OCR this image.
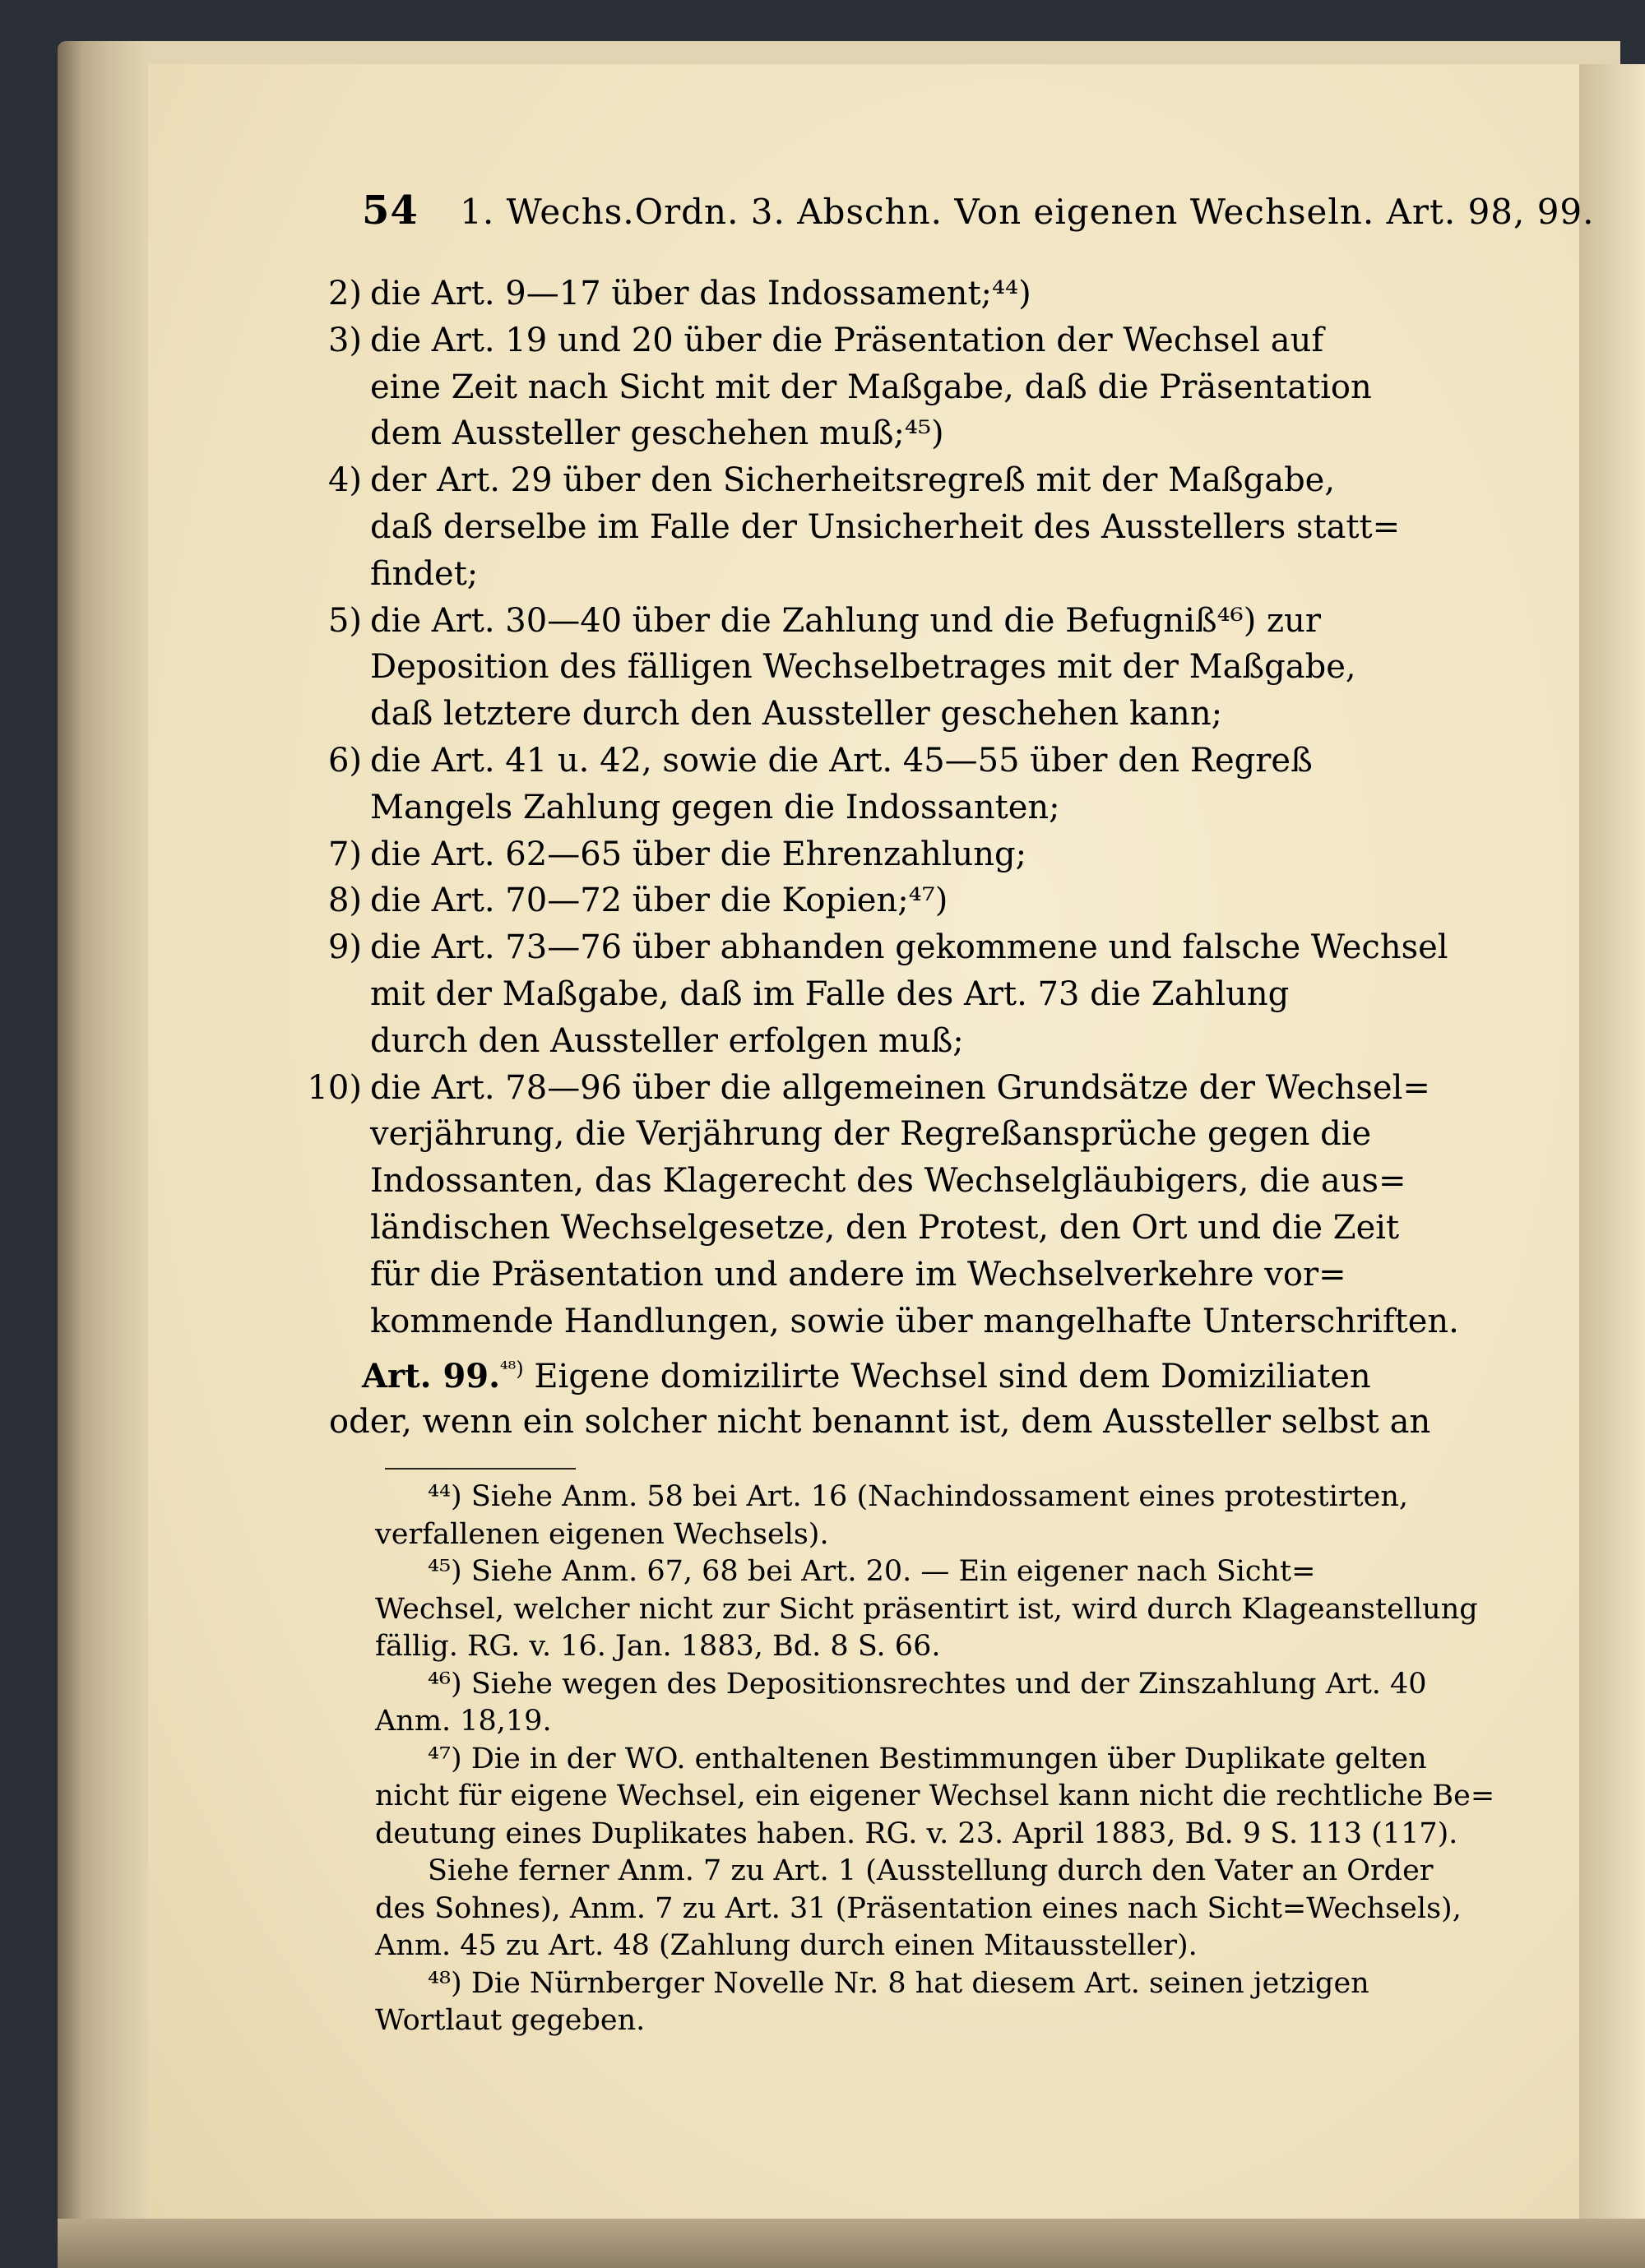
54 1. Wechs.Ordn. 3. Abschn. Von eigenen Wechseln. Art. 98, 99.
2) die Art. 9—17 über das Indossament;⁴⁴)
3) die Art. 19 und 20 über die Präsentation der Wechsel auf
eine Zeit nach Sicht mit der Maßgabe, daß die Präsentation
dem Aussteller geschehen muß;⁴⁵)
4) der Art. 29 über den Sicherheitsregreß mit der Maßgabe,
daß derselbe im Falle der Unsicherheit des Ausstellers statt=
findet;
5) die Art. 30—40 über die Zahlung und die Befugniß⁴⁶) zur
Deposition des fälligen Wechselbetrages mit der Maßgabe,
daß letztere durch den Aussteller geschehen kann;
6) die Art. 41 u. 42, sowie die Art. 45—55 über den Regreß
Mangels Zahlung gegen die Indossanten;
7) die Art. 62—65 über die Ehrenzahlung;
8) die Art. 70—72 über die Kopien;⁴⁷)
9) die Art. 73—76 über abhanden gekommene und falsche Wechsel
mit der Maßgabe, daß im Falle des Art. 73 die Zahlung
durch den Aussteller erfolgen muß;
10) die Art. 78—96 über die allgemeinen Grundsätze der Wechsel=
verjährung, die Verjährung der Regreßansprüche gegen die
Indossanten, das Klagerecht des Wechselgläubigers, die aus=
ländischen Wechselgesetze, den Protest, den Ort und die Zeit
für die Präsentation und andere im Wechselverkehre vor=
kommende Handlungen, sowie über mangelhafte Unterschriften.
Art. 99.$^{^{48})}$ Eigene domizilirte Wechsel sind dem Domiziliaten
oder, wenn ein solcher nicht benannt ist, dem Aussteller selbst an
⁴⁴) Siehe Anm. 58 bei Art. 16 (Nachindossament eines protestirten,
verfallenen eigenen Wechsels).
⁴⁵) Siehe Anm. 67, 68 bei Art. 20. — Ein eigener nach Sicht=
Wechsel, welcher nicht zur Sicht präsentirt ist, wird durch Klageanstellung
fällig. RG. v. 16. Jan. 1883, Bd. 8 S. 66.
⁴⁶) Siehe wegen des Depositionsrechtes und der Zinszahlung Art. 40
Anm. 18,19.
⁴⁷) Die in der WO. enthaltenen Bestimmungen über Duplikate gelten
nicht für eigene Wechsel, ein eigener Wechsel kann nicht die rechtliche Be=
deutung eines Duplikates haben. RG. v. 23. April 1883, Bd. 9 S. 113 (117).
Siehe ferner Anm. 7 zu Art. 1 (Ausstellung durch den Vater an Order
des Sohnes), Anm. 7 zu Art. 31 (Präsentation eines nach Sicht=Wechsels),
Anm. 45 zu Art. 48 (Zahlung durch einen Mitaussteller).
⁴⁸) Die Nürnberger Novelle Nr. 8 hat diesem Art. seinen jetzigen
Wortlaut gegeben.
